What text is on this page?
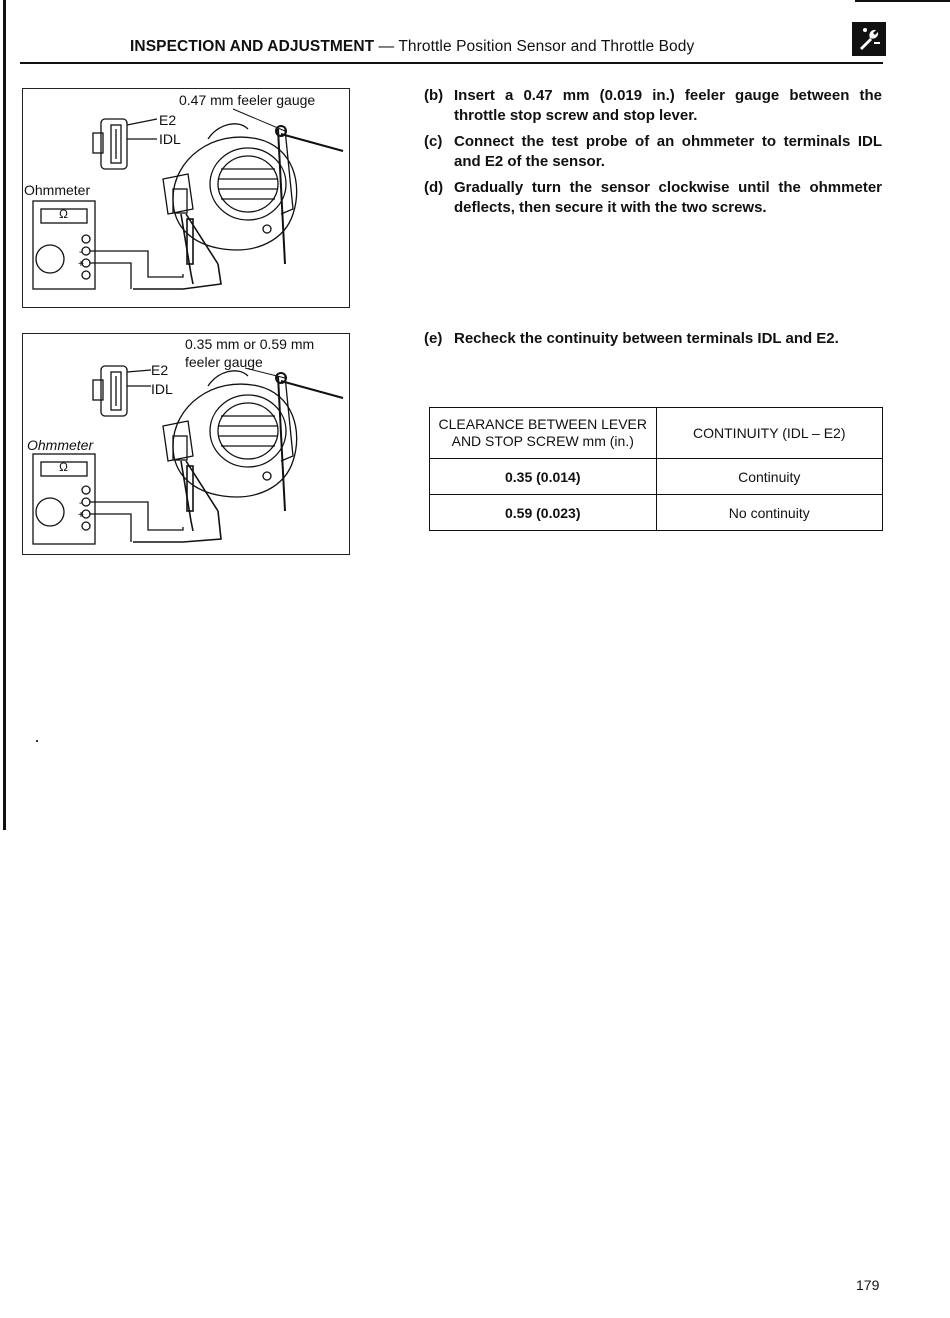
INSPECTION AND ADJUSTMENT — Throttle Position Sensor and Throttle Body
-
+
0.47 mm feeler gauge
E2
IDL
Ohmmeter
Ω
-
+
0.35 mm or 0.59 mm
feeler gauge
E2
IDL
Ohmmeter
Ω
(b) Insert a 0.47 mm (0.019 in.) feeler gauge between the throttle stop screw and stop lever.
(c) Connect the test probe of an ohmmeter to terminals IDL and E2 of the sensor.
(d) Gradually turn the sensor clockwise until the ohmmeter deflects, then secure it with the two screws.
(e) Recheck the continuity between terminals IDL and E2.
CLEARANCE BETWEEN LEVER AND STOP SCREW mm (in.)	CONTINUITY (IDL – E2)
0.35 (0.014)	Continuity
0.59 (0.023)	No continuity
179
